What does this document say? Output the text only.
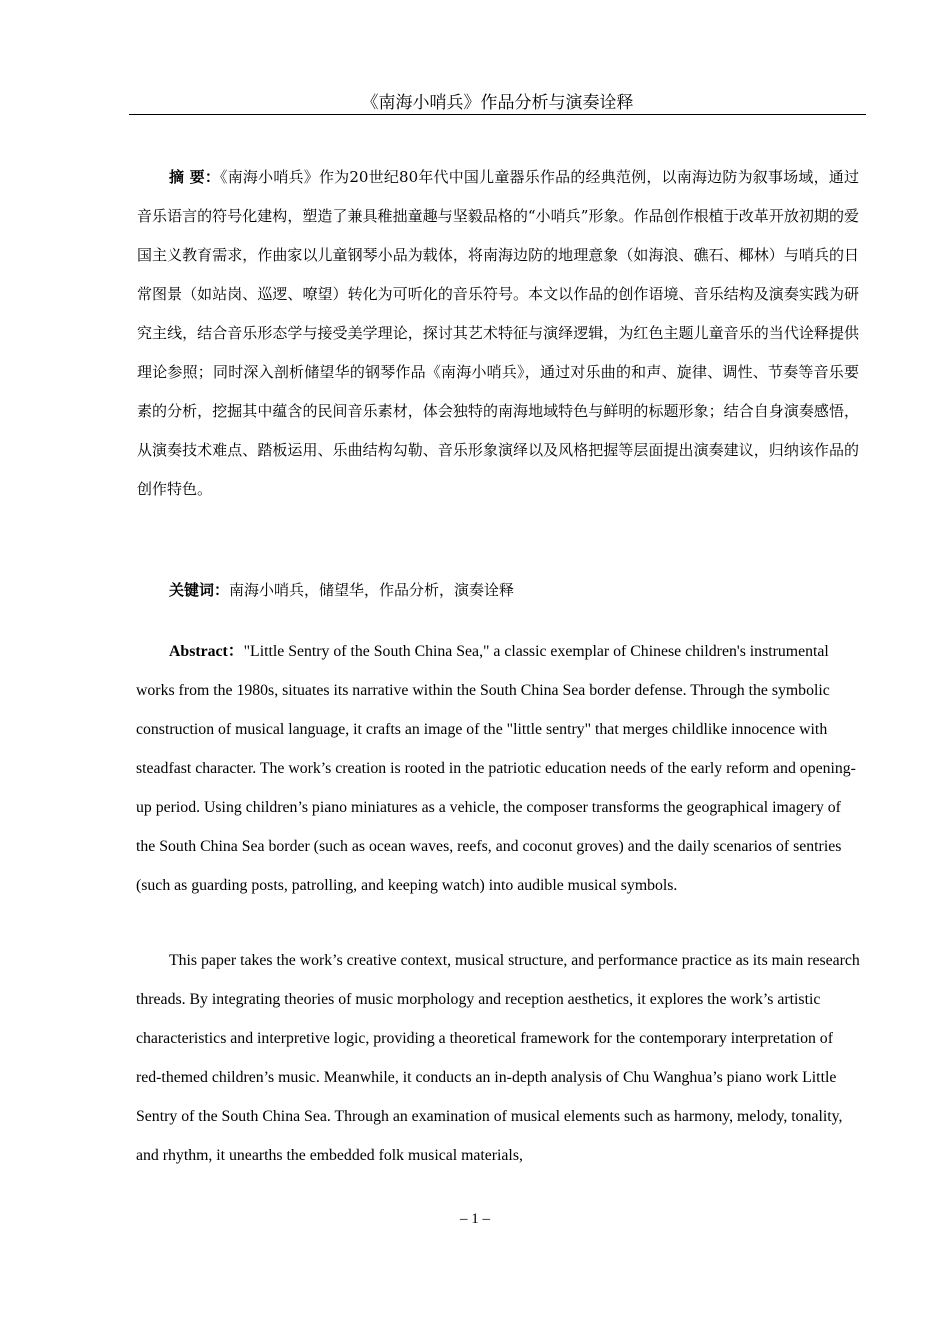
《南海小哨兵》作品分析与演奏诠释

摘 要：《南海小哨兵》作为20世纪80年代中国儿童器乐作品的经典范例，以南海边防为叙事场域，通过音乐语言的符号化建构，塑造了兼具稚拙童趣与坚毅品格的“小哨兵”形象。作品创作根植于改革开放初期的爱国主义教育需求，作曲家以儿童钢琴小品为载体，将南海边防的地理意象（如海浪、礁石、椰林）与哨兵的日常图景（如站岗、巡逻、嘹望）转化为可听化的音乐符号。本文以作品的创作语境、音乐结构及演奏实践为研究主线，结合音乐形态学与接受美学理论，探讨其艺术特征与演绎逻辑，为红色主题儿童音乐的当代诠释提供理论参照；同时深入剖析储望华的钢琴作品《南海小哨兵》，通过对乐曲的和声、旋律、调性、节奏等音乐要素的分析，挖掘其中蕴含的民间音乐素材，体会独特的南海地域特色与鲜明的标题形象；结合自身演奏感悟，从演奏技术难点、踏板运用、乐曲结构勾勒、音乐形象演绎以及风格把握等层面提出演奏建议，归纳该作品的创作特色。

关键词：南海小哨兵，储望华，作品分析，演奏诠释

Abstract："Little Sentry of the South China Sea," a classic exemplar of Chinese children's instrumental works from the 1980s, situates its narrative within the South China Sea border defense. Through the symbolic construction of musical language, it crafts an image of the "little sentry" that merges childlike innocence with steadfast character. The work’s creation is rooted in the patriotic education needs of the early reform and opening-up period. Using children’s piano miniatures as a vehicle, the composer transforms the geographical imagery of the South China Sea border (such as ocean waves, reefs, and coconut groves) and the daily scenarios of sentries (such as guarding posts, patrolling, and keeping watch) into audible musical symbols.

This paper takes the work’s creative context, musical structure, and performance practice as its main research threads. By integrating theories of music morphology and reception aesthetics, it explores the work’s artistic characteristics and interpretive logic, providing a theoretical framework for the contemporary interpretation of red-themed children’s music. Meanwhile, it conducts an in-depth analysis of Chu Wanghua’s piano work Little Sentry of the South China Sea. Through an examination of musical elements such as harmony, melody, tonality, and rhythm, it unearths the embedded folk musical materials,

– 1 –
